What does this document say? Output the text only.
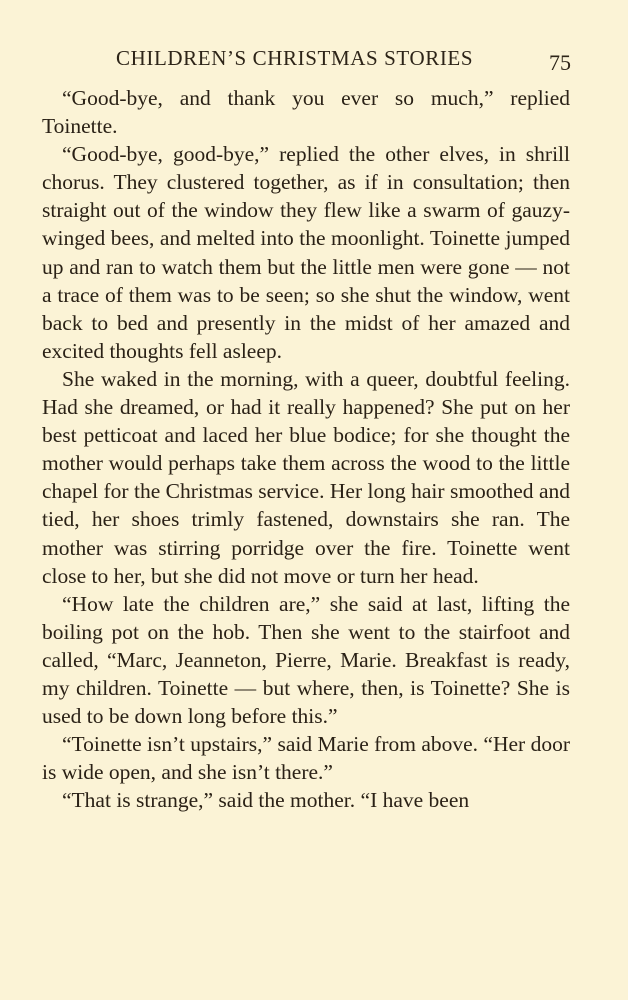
CHILDREN’S CHRISTMAS STORIES	75

“Good-bye, and thank you ever so much,” replied Toinette.

“Good-bye, good-bye,” replied the other elves, in shrill chorus. They clustered together, as if in consultation; then straight out of the window they flew like a swarm of gauzy-winged bees, and melted into the moonlight. Toinette jumped up and ran to watch them but the little men were gone — not a trace of them was to be seen; so she shut the window, went back to bed and presently in the midst of her amazed and excited thoughts fell asleep.

She waked in the morning, with a queer, doubtful feeling. Had she dreamed, or had it really happened? She put on her best petticoat and laced her blue bodice; for she thought the mother would perhaps take them across the wood to the little chapel for the Christmas service. Her long hair smoothed and tied, her shoes trimly fastened, downstairs she ran. The mother was stirring porridge over the fire. Toinette went close to her, but she did not move or turn her head.

“How late the children are,” she said at last, lifting the boiling pot on the hob. Then she went to the stairfoot and called, “Marc, Jeanneton, Pierre, Marie. Breakfast is ready, my children. Toinette — but where, then, is Toinette? She is used to be down long before this.”

“Toinette isn’t upstairs,” said Marie from above. “Her door is wide open, and she isn’t there.”

“That is strange,” said the mother. “I have been
